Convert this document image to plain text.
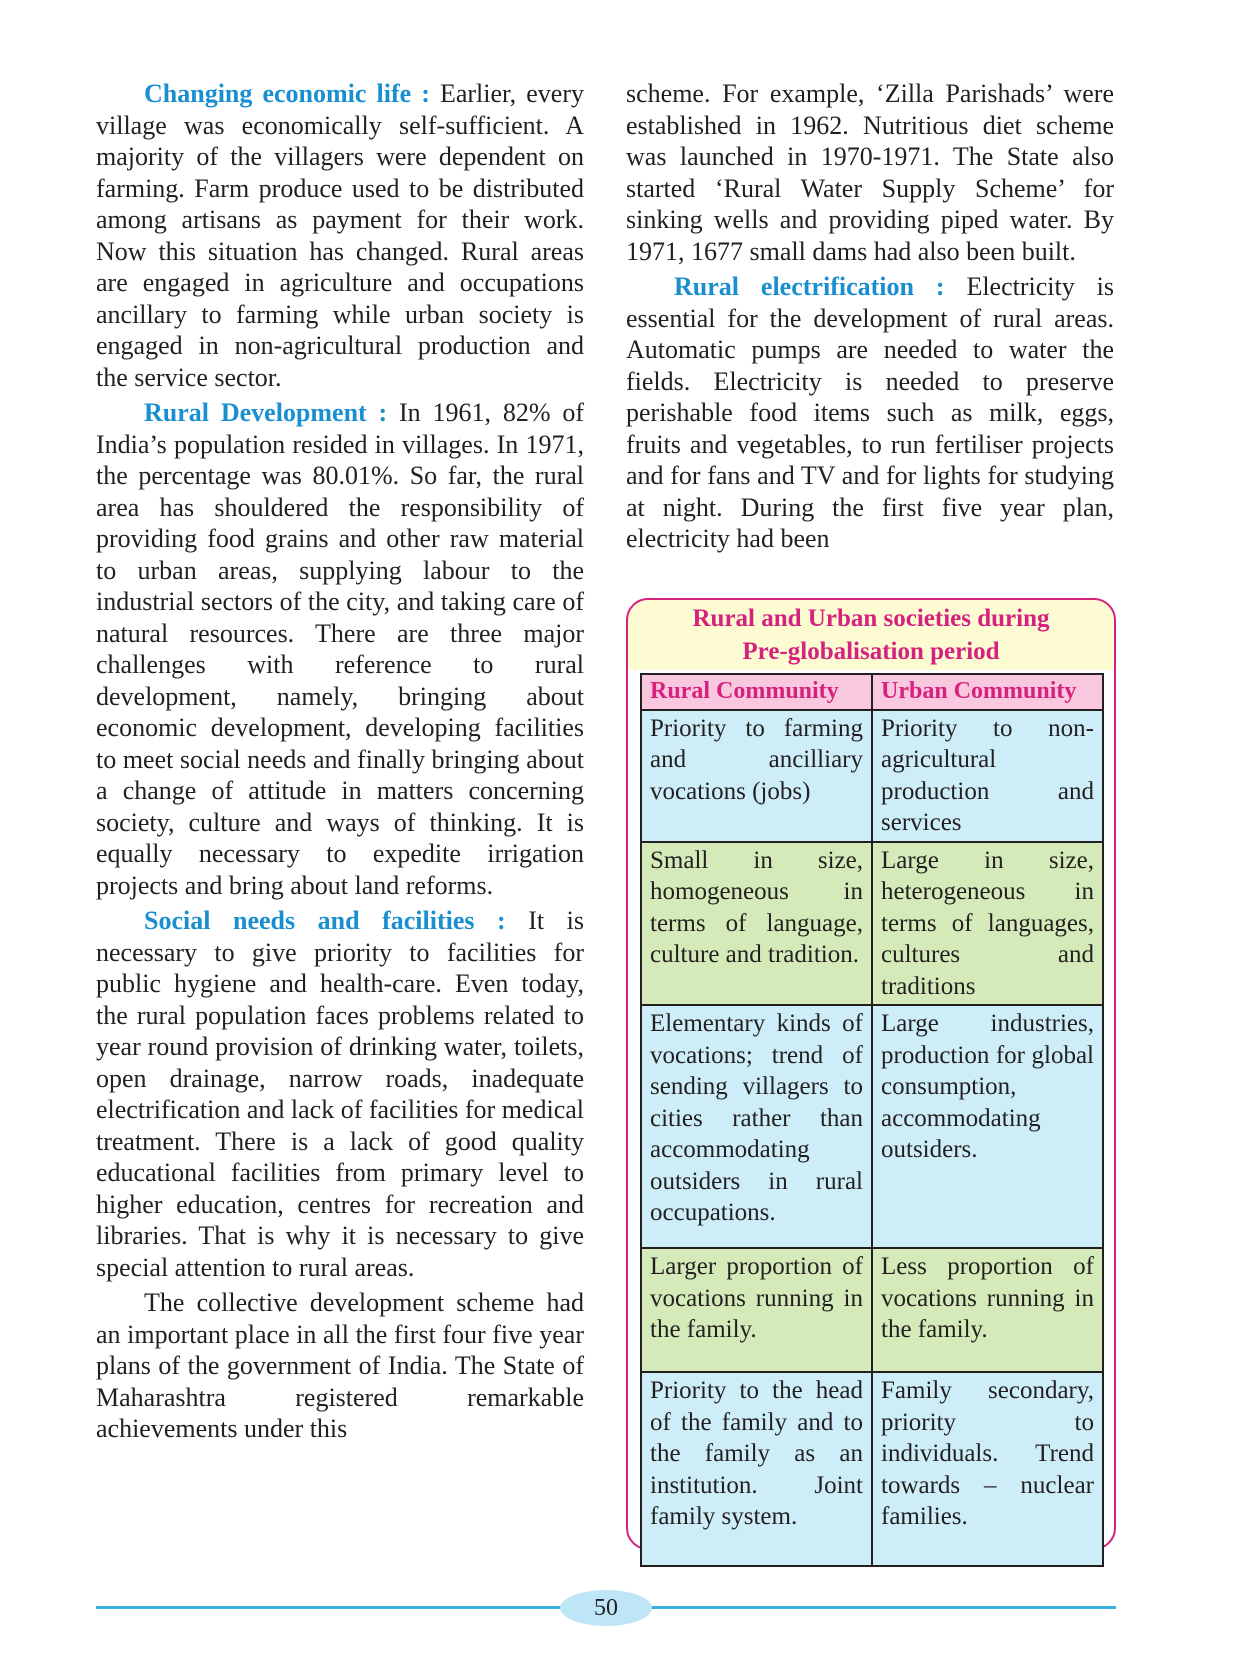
Changing economic life : Earlier, every village was economically self-sufficient. A majority of the villagers were dependent on farming. Farm produce used to be distributed among artisans as payment for their work. Now this situation has changed. Rural areas are engaged in agriculture and occupations ancillary to farming while urban society is engaged in non-agricultural production and the service sector.

Rural Development : In 1961, 82% of India’s population resided in villages. In 1971, the percentage was 80.01%. So far, the rural area has shouldered the responsibility of providing food grains and other raw material to urban areas, supplying labour to the industrial sectors of the city, and taking care of natural resources. There are three major challenges with reference to rural development, namely, bringing about economic development, developing facilities to meet social needs and finally bringing about a change of attitude in matters concerning society, culture and ways of thinking. It is equally necessary to expedite irrigation projects and bring about land reforms.

Social needs and facilities : It is necessary to give priority to facilities for public hygiene and health-care. Even today, the rural population faces problems related to year round provision of drinking water, toilets, open drainage, narrow roads, inadequate electrification and lack of facilities for medical treatment. There is a lack of good quality educational facilities from primary level to higher education, centres for recreation and libraries. That is why it is necessary to give special attention to rural areas.

The collective development scheme had an important place in all the first four five year plans of the government of India. The State of Maharashtra registered remarkable achievements under this

scheme. For example, ‘Zilla Parishads’ were established in 1962. Nutritious diet scheme was launched in 1970-1971. The State also started ‘Rural Water Supply Scheme’ for sinking wells and providing piped water. By 1971, 1677 small dams had also been built.

Rural electrification : Electricity is essential for the development of rural areas. Automatic pumps are needed to water the fields. Electricity is needed to preserve perishable food items such as milk, eggs, fruits and vegetables, to run fertiliser projects and for fans and TV and for lights for studying at night. During the first five year plan, electricity had been

Rural and Urban societies during
Pre-globalisation period
Rural Community	Urban Community
Priority to farming and ancilliary vocations (jobs)	Priority to non-agricultural production and services
Small in size, homogeneous in terms of language, culture and tradition.	Large in size, heterogeneous in terms of languages, cultures and traditions
Elementary kinds of vocations; trend of sending villagers to cities rather than accommodating outsiders in rural occupations.	Large industries, production for global consumption, accommodating outsiders.
Larger proportion of vocations running in the family.	Less proportion of vocations running in the family.
Priority to the head of the family and to the family as an institution. Joint family system.	Family secondary, priority to individuals. Trend towards – nuclear families.
50
